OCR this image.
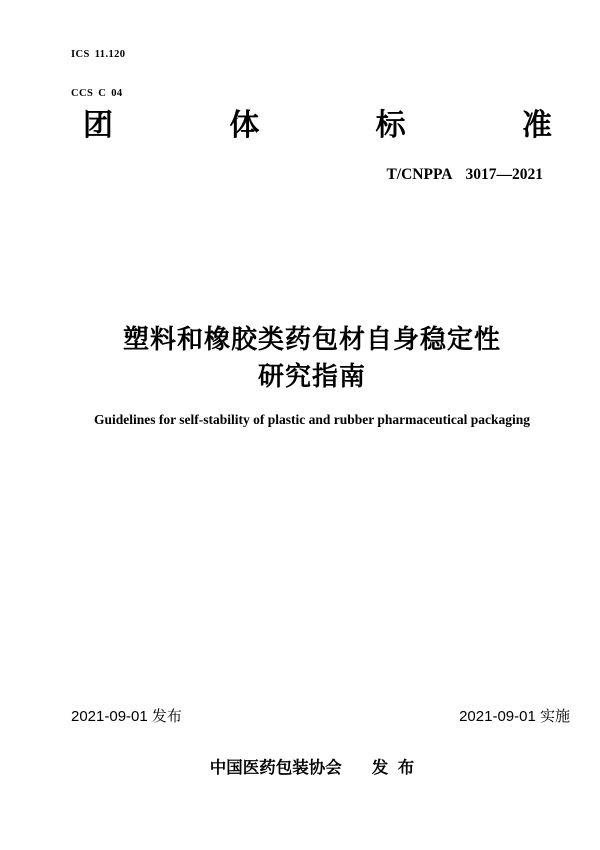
ICS 11.120

CCS C 04

团	体	标	准
T/CNPPA 3017—2021
塑料和橡胶类药包材自身稳定性
研究指南
Guidelines for self-stability of plastic and rubber pharmaceutical packaging
2021-09-01 发布	2021-09-01 实施
中国医药包装协会 发 布
